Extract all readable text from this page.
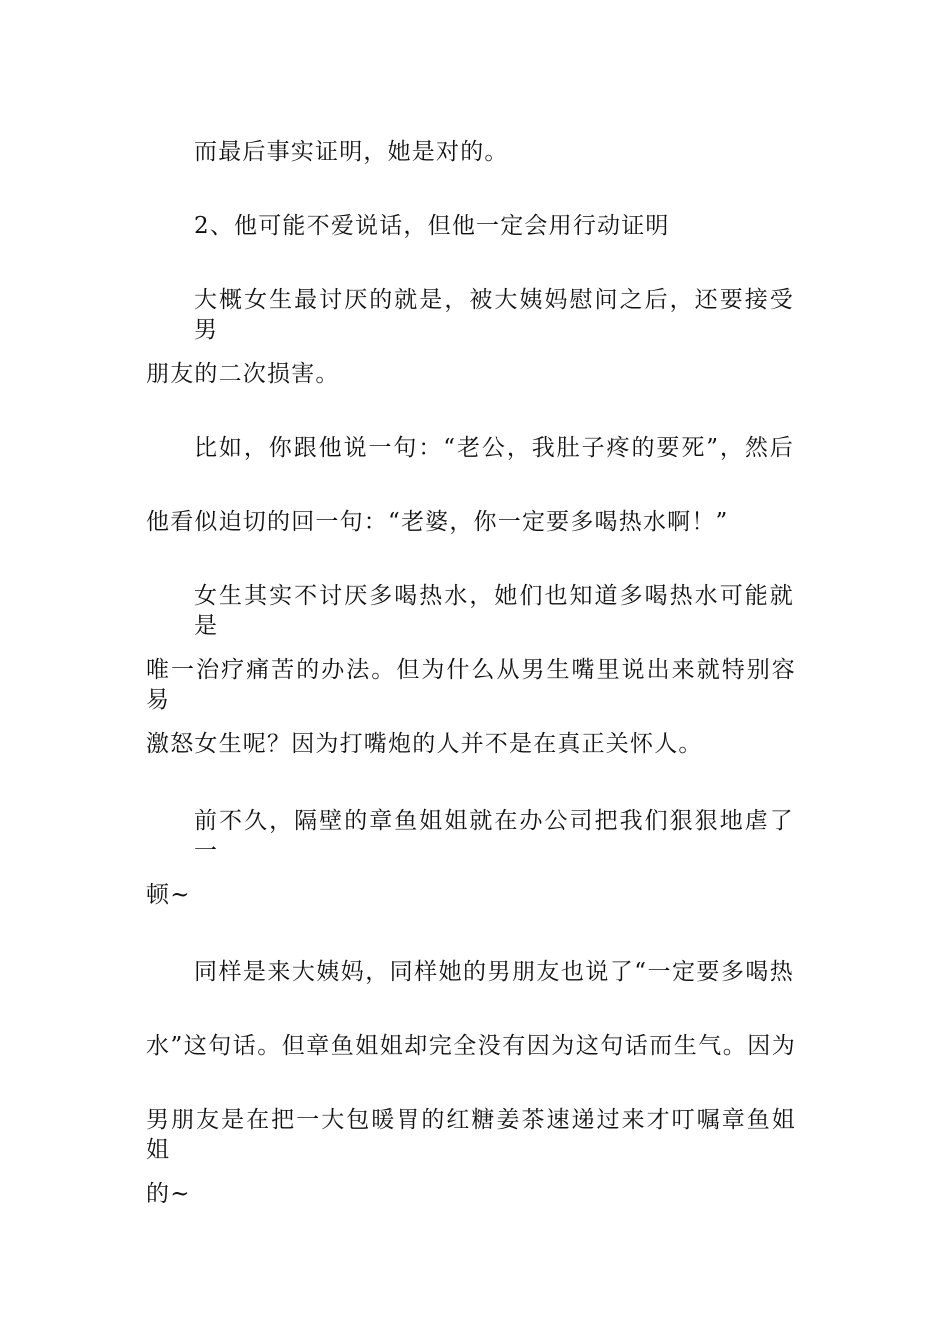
而最后事实证明，她是对的。
2、他可能不爱说话，但他一定会用行动证明
大概女生最讨厌的就是，被大姨妈慰问之后，还要接受男
朋友的二次损害。
比如，你跟他说一句：“老公，我肚子疼的要死”，然后
他看似迫切的回一句：“老婆，你一定要多喝热水啊！”
女生其实不讨厌多喝热水，她们也知道多喝热水可能就是
唯一治疗痛苦的办法。但为什么从男生嘴里说出来就特别容易
激怒女生呢？因为打嘴炮的人并不是在真正关怀人。
前不久，隔壁的章鱼姐姐就在办公司把我们狠狠地虐了一
顿~
同样是来大姨妈，同样她的男朋友也说了“一定要多喝热
水”这句话。但章鱼姐姐却完全没有因为这句话而生气。因为
男朋友是在把一大包暖胃的红糖姜茶速递过来才叮嘱章鱼姐姐
的~
